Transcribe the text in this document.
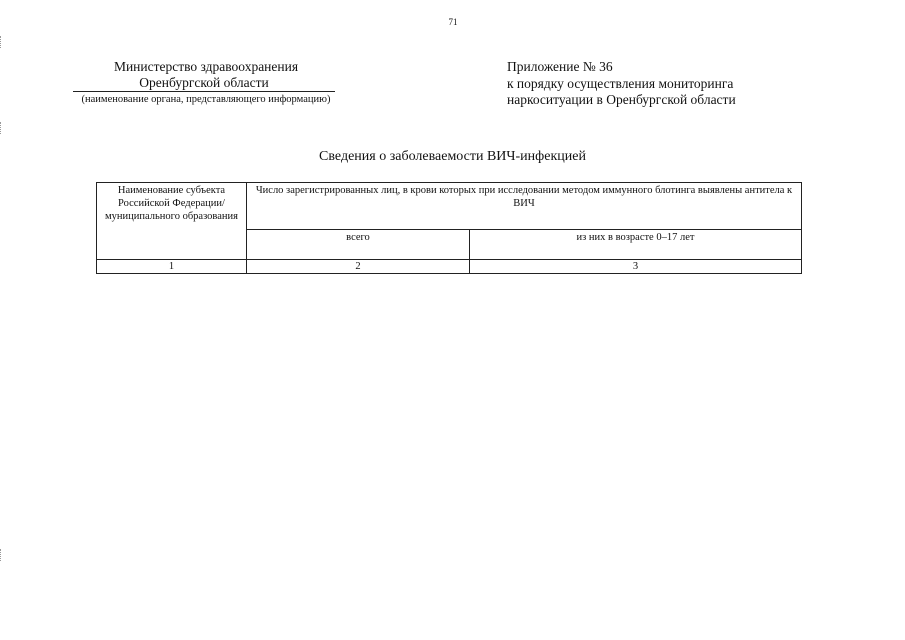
71
Министерство здравоохранения
Оренбургской области
(наименование органа, представляющего информацию)
Приложение № 36
к порядку осуществления мониторинга
наркоситуации в Оренбургской области
Сведения о заболеваемости ВИЧ-инфекцией
Наименование субъекта Российской Федерации/ муниципального образования	Число зарегистрированных лиц, в крови которых при исследовании методом иммунного блотинга выявлены антитела к ВИЧ	
	всего	из них в возрасте 0–17 лет
1	2	3
